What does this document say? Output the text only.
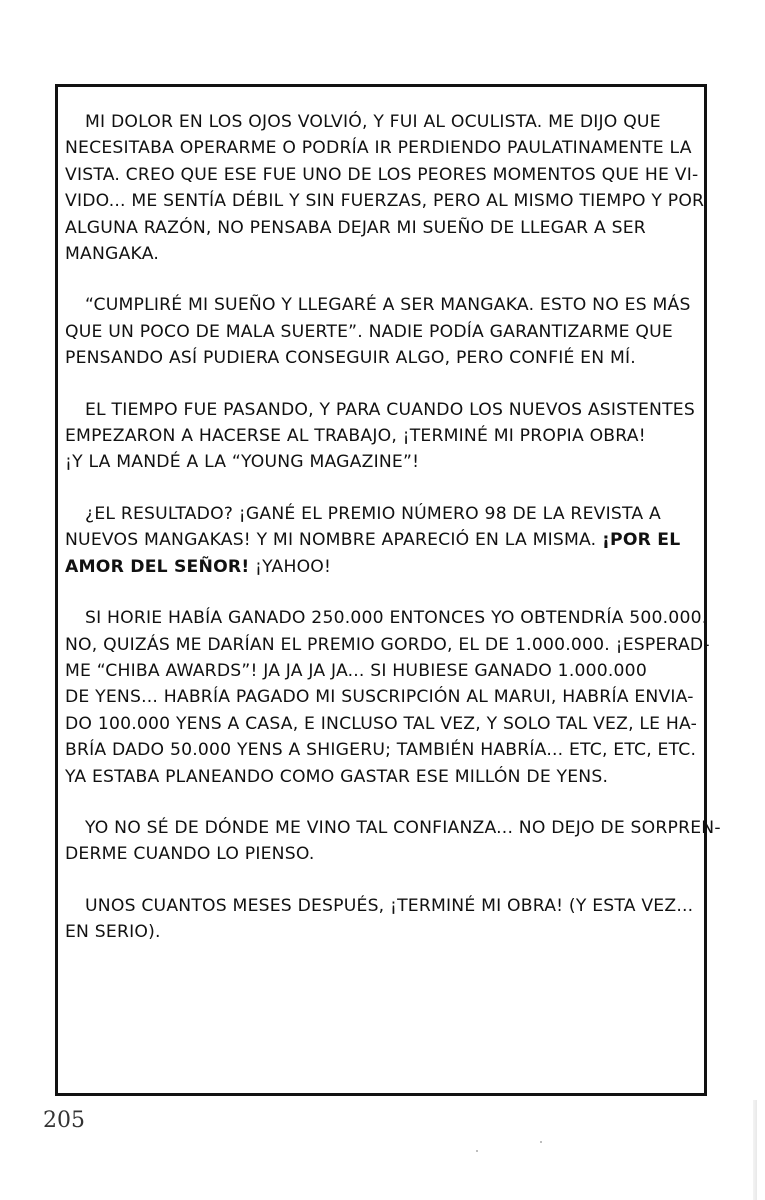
MI DOLOR EN LOS OJOS VOLVIÓ, Y FUI AL OCULISTA. ME DIJO QUE
NECESITABA OPERARME O PODRÍA IR PERDIENDO PAULATINAMENTE LA
VISTA. CREO QUE ESE FUE UNO DE LOS PEORES MOMENTOS QUE HE VI-
VIDO... ME SENTÍA DÉBIL Y SIN FUERZAS, PERO AL MISMO TIEMPO Y POR
ALGUNA RAZÓN, NO PENSABA DEJAR MI SUEÑO DE LLEGAR A SER
MANGAKA.

“CUMPLIRÉ MI SUEÑO Y LLEGARÉ A SER MANGAKA. ESTO NO ES MÁS
QUE UN POCO DE MALA SUERTE”. NADIE PODÍA GARANTIZARME QUE
PENSANDO ASÍ PUDIERA CONSEGUIR ALGO, PERO CONFIÉ EN MÍ.

EL TIEMPO FUE PASANDO, Y PARA CUANDO LOS NUEVOS ASISTENTES
EMPEZARON A HACERSE AL TRABAJO, ¡TERMINÉ MI PROPIA OBRA!
¡Y LA MANDÉ A LA “YOUNG MAGAZINE”!

¿EL RESULTADO? ¡GANÉ EL PREMIO NÚMERO 98 DE LA REVISTA A
NUEVOS MANGAKAS! Y MI NOMBRE APARECIÓ EN LA MISMA. ¡POR EL
AMOR DEL SEÑOR! ¡YAHOO!

SI HORIE HABÍA GANADO 250.000 ENTONCES YO OBTENDRÍA 500.000.
NO, QUIZÁS ME DARÍAN EL PREMIO GORDO, EL DE 1.000.000. ¡ESPERAD-
ME “CHIBA AWARDS”! JA JA JA JA... SI HUBIESE GANADO 1.000.000
DE YENS... HABRÍA PAGADO MI SUSCRIPCIÓN AL MARUI, HABRÍA ENVIA-
DO 100.000 YENS A CASA, E INCLUSO TAL VEZ, Y SOLO TAL VEZ, LE HA-
BRÍA DADO 50.000 YENS A SHIGERU; TAMBIÉN HABRÍA... ETC, ETC, ETC.
YA ESTABA PLANEANDO COMO GASTAR ESE MILLÓN DE YENS.

YO NO SÉ DE DÓNDE ME VINO TAL CONFIANZA... NO DEJO DE SORPREN-
DERME CUANDO LO PIENSO.

UNOS CUANTOS MESES DESPUÉS, ¡TERMINÉ MI OBRA! (Y ESTA VEZ...
EN SERIO).

205
